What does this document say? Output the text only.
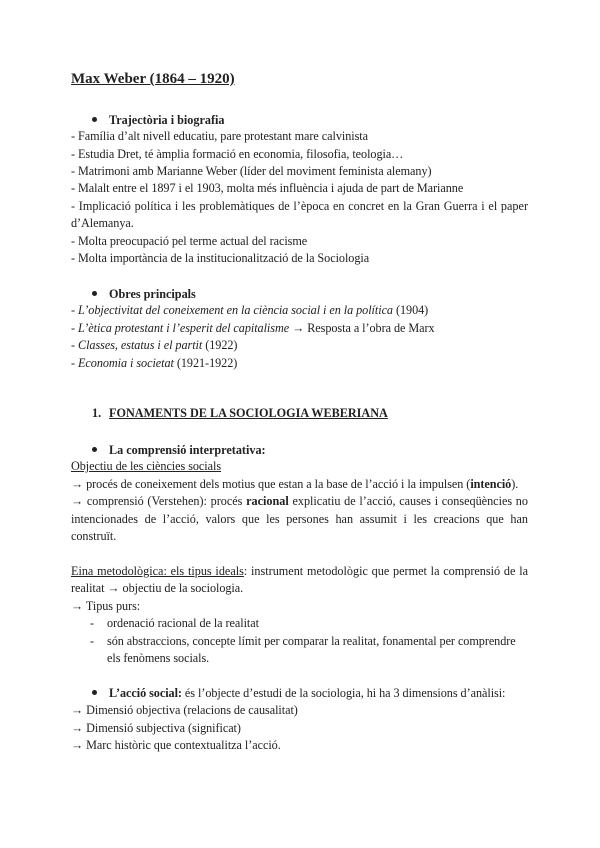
Max Weber (1864 – 1920)
Trajectòria i biografia
- Família d’alt nivell educatiu, pare protestant mare calvinista
- Estudia Dret, té àmplia formació en economia, filosofia, teologia…
- Matrimoni amb Marianne Weber (líder del moviment feminista alemany)
- Malalt entre el 1897 i el 1903, molta més influència i ajuda de part de Marianne
- Implicació política i les problemàtiques de l’època en concret en la Gran Guerra i el paper
d’Alemanya.
- Molta preocupació pel terme actual del racisme
- Molta importància de la institucionalització de la Sociologia
Obres principals
- L’objectivitat del coneixement en la ciència social i en la política (1904)
- L’ètica protestant i l’esperit del capitalisme → Resposta a l’obra de Marx
- Classes, estatus i el partit (1922)
- Economia i societat (1921-1922)
1. FONAMENTS DE LA SOCIOLOGIA WEBERIANA
La comprensió interpretativa:
Objectiu de les ciències socials
→ procés de coneixement dels motius que estan a la base de l’acció i la impulsen (intenció).
→ comprensió (Verstehen): procés racional explicatiu de l’acció, causes i conseqüències no
intencionades de l’acció, valors que les persones han assumit i les creacions que han
construït.
Eina metodològica: els tipus ideals: instrument metodològic que permet la comprensió de la
realitat → objectiu de la sociologia.
→ Tipus purs:
- ordenació racional de la realitat
- són abstraccions, concepte límit per comparar la realitat, fonamental per comprendre
els fenòmens socials.
L’acció social: és l’objecte d’estudi de la sociologia, hi ha 3 dimensions d’anàlisi:
→ Dimensió objectiva (relacions de causalitat)
→ Dimensió subjectiva (significat)
→ Marc històric que contextualitza l’acció.
